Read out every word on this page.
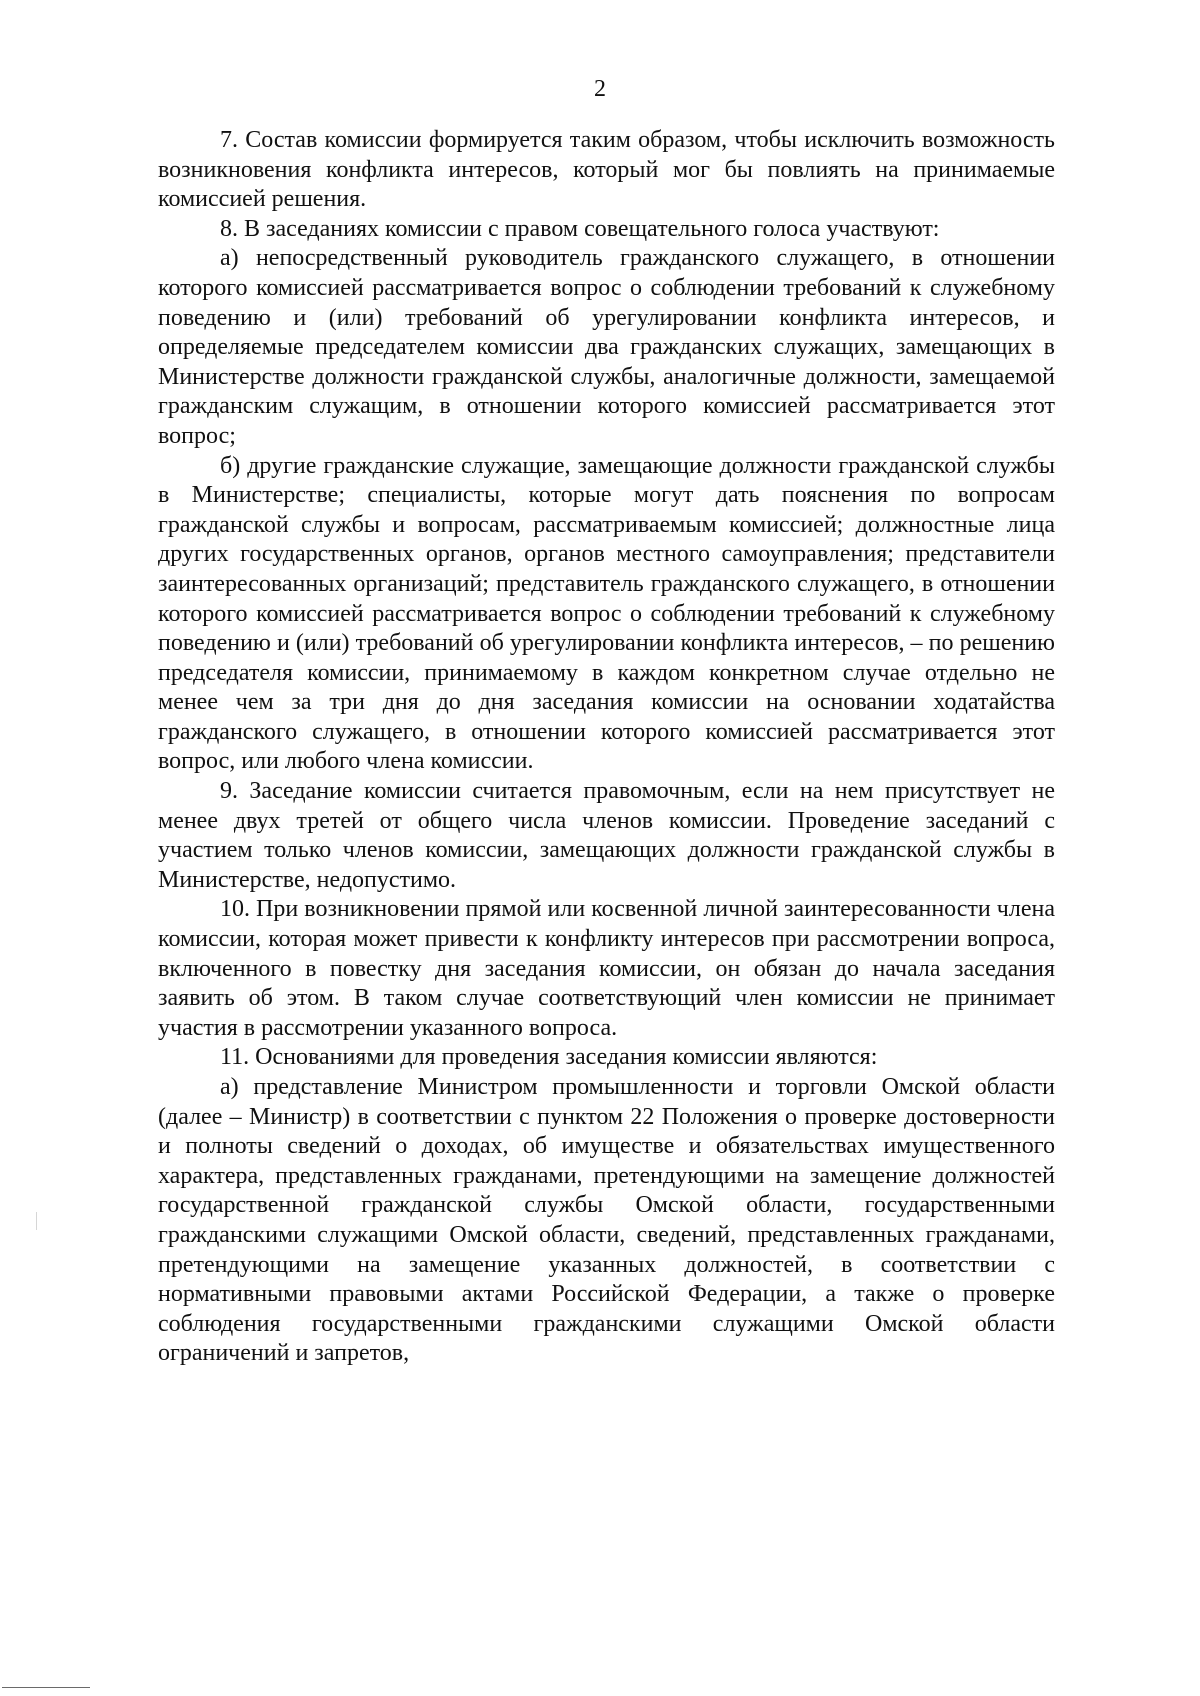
2

7. Состав комиссии формируется таким образом, чтобы исключить возможность возникновения конфликта интересов, который мог бы повлиять на принимаемые комиссией решения.

8. В заседаниях комиссии с правом совещательного голоса участвуют:

а) непосредственный руководитель гражданского служащего, в отношении которого комиссией рассматривается вопрос о соблюдении требований к служебному поведению и (или) требований об урегулировании конфликта интересов, и определяемые председателем комиссии два гражданских служащих, замещающих в Министерстве должности гражданской службы, аналогичные должности, замещаемой гражданским служащим, в отношении которого комиссией рассматривается этот вопрос;

б) другие гражданские служащие, замещающие должности гражданской службы в Министерстве; специалисты, которые могут дать пояснения по вопросам гражданской службы и вопросам, рассматриваемым комиссией; должностные лица других государственных органов, органов местного самоуправления; представители заинтересованных организаций; представитель гражданского служащего, в отношении которого комиссией рассматривается вопрос о соблюдении требований к служебному поведению и (или) требований об урегулировании конфликта интересов, – по решению председателя комиссии, принимаемому в каждом конкретном случае отдельно не менее чем за три дня до дня заседания комиссии на основании ходатайства гражданского служащего, в отношении которого комиссией рассматривается этот вопрос, или любого члена комиссии.

9. Заседание комиссии считается правомочным, если на нем присутствует не менее двух третей от общего числа членов комиссии. Проведение заседаний с участием только членов комиссии, замещающих должности гражданской службы в Министерстве, недопустимо.

10. При возникновении прямой или косвенной личной заинтересованности члена комиссии, которая может привести к конфликту интересов при рассмотрении вопроса, включенного в повестку дня заседания комиссии, он обязан до начала заседания заявить об этом. В таком случае соответствующий член комиссии не принимает участия в рассмотрении указанного вопроса.

11. Основаниями для проведения заседания комиссии являются:

а) представление Министром промышленности и торговли Омской области (далее – Министр) в соответствии с пунктом 22 Положения о проверке достоверности и полноты сведений о доходах, об имуществе и обязательствах имущественного характера, представленных гражданами, претендующими на замещение должностей государственной гражданской службы Омской области, государственными гражданскими служащими Омской области, сведений, представленных гражданами, претендующими на замещение указанных должностей, в соответствии с нормативными правовыми актами Российской Федерации, а также о проверке соблюдения государственными гражданскими служащими Омской области ограничений и запретов,
